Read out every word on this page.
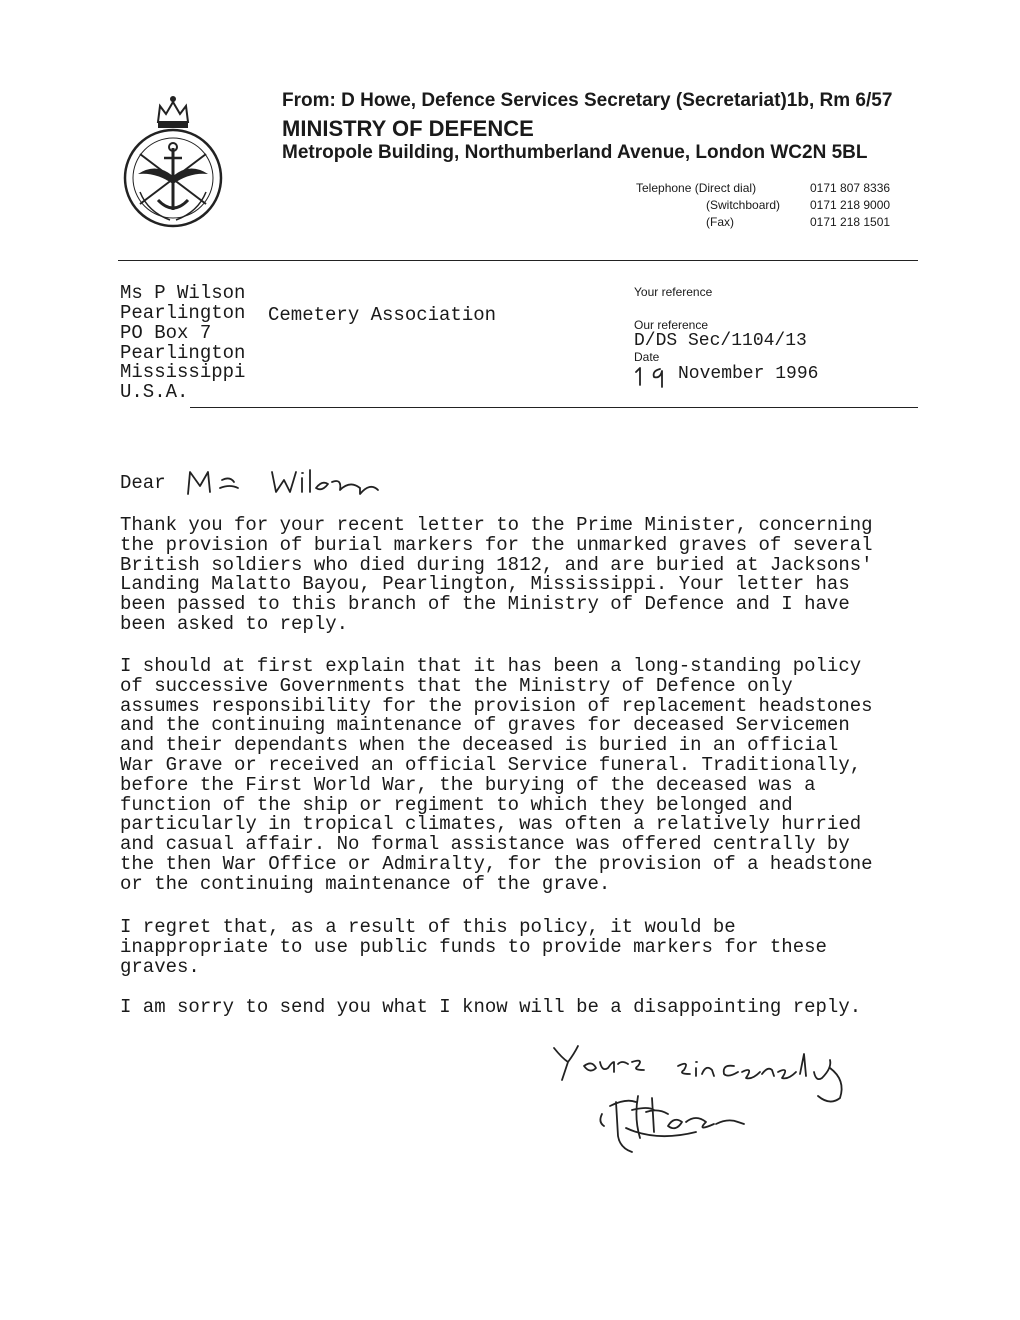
From: D Howe, Defence Services Secretary (Secretariat)1b, Rm 6/57
MINISTRY OF DEFENCE
Metropole Building, Northumberland Avenue, London WC2N 5BL
Telephone (Direct dial)
(Switchboard)
(Fax)
0171 807 8336
0171 218 9000
0171 218 1501
Ms P Wilson
Pearlington Cemetery Association
PO Box 7
Pearlington
Mississippi
U.S.A.
Your reference
Our reference
D/DS Sec/1104/13
Date
November 1996
Dear
Thank you for your recent letter to the Prime Minister, concerning
the provision of burial markers for the unmarked graves of several
British soldiers who died during 1812, and are buried at Jacksons'
Landing Malatto Bayou, Pearlington, Mississippi. Your letter has
been passed to this branch of the Ministry of Defence and I have
been asked to reply.
I should at first explain that it has been a long-standing policy
of successive Governments that the Ministry of Defence only
assumes responsibility for the provision of replacement headstones
and the continuing maintenance of graves for deceased Servicemen
and their dependants when the deceased is buried in an official
War Grave or received an official Service funeral. Traditionally,
before the First World War, the burying of the deceased was a
function of the ship or regiment to which they belonged and
particularly in tropical climates, was often a relatively hurried
and casual affair. No formal assistance was offered centrally by
the then War Office or Admiralty, for the provision of a headstone
or the continuing maintenance of the grave.
I regret that, as a result of this policy, it would be
inappropriate to use public funds to provide markers for these
graves.
I am sorry to send you what I know will be a disappointing reply.
